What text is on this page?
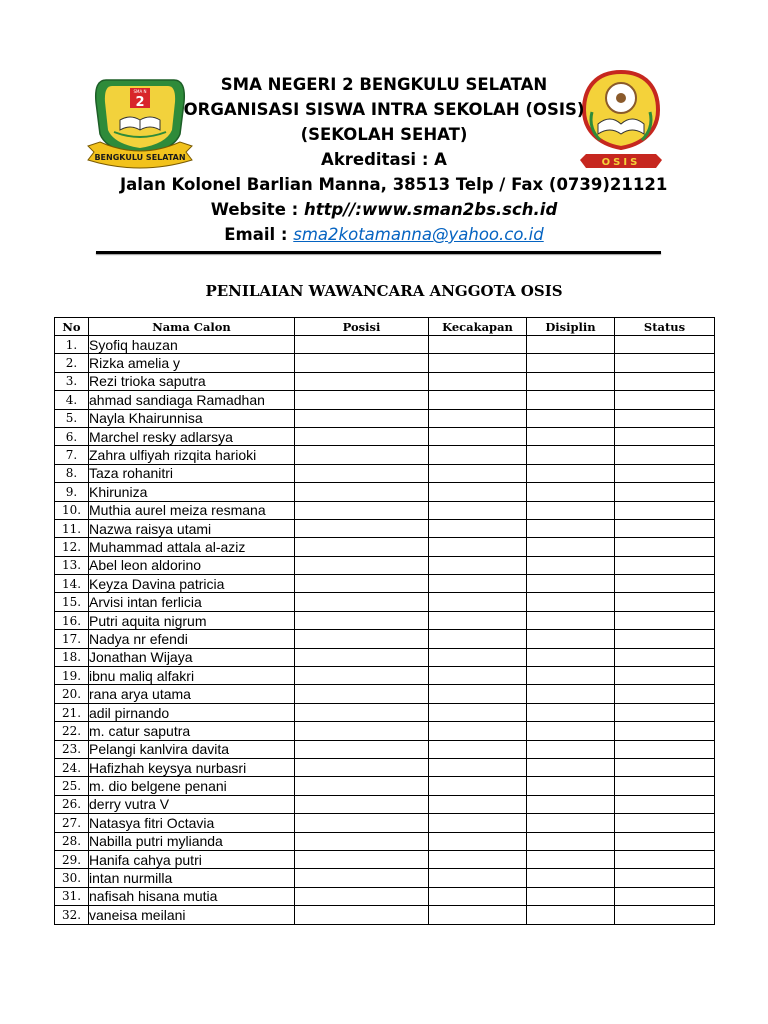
SMA N
2
BENGKULU SELATAN	OSIS
SMA NEGERI 2 BENGKULU SELATAN
ORGANISASI SISWA INTRA SEKOLAH (OSIS)
(SEKOLAH SEHAT)
Akreditasi : A
Jalan Kolonel Barlian Manna, 38513 Telp / Fax (0739)21121
Website : http//:www.sman2bs.sch.id
Email : sma2kotamanna@yahoo.co.id
PENILAIAN WAWANCARA ANGGOTA OSIS
No	Nama Calon	Posisi	Kecakapan	Disiplin	Status
1.	Syofiq hauzan				
2.	Rizka amelia y				
3.	Rezi trioka saputra				
4.	ahmad sandiaga Ramadhan				
5.	Nayla Khairunnisa				
6.	Marchel resky adlarsya				
7.	Zahra ulfiyah rizqita harioki				
8.	Taza rohanitri				
9.	Khiruniza				
10.	Muthia aurel meiza resmana				
11.	Nazwa raisya utami				
12.	Muhammad attala al-aziz				
13.	Abel leon aldorino				
14.	Keyza Davina patricia				
15.	Arvisi intan ferlicia				
16.	Putri aquita nigrum				
17.	Nadya nr efendi				
18.	Jonathan Wijaya				
19.	ibnu maliq alfakri				
20.	rana arya utama				
21.	adil pirnando				
22.	m. catur saputra				
23.	Pelangi kanlvira davita				
24.	Hafizhah keysya nurbasri				
25.	m. dio belgene penani				
26.	derry vutra V				
27.	Natasya fitri Octavia				
28.	Nabilla putri mylianda				
29.	Hanifa cahya putri				
30.	intan nurmilla				
31.	nafisah hisana mutia				
32.	vaneisa meilani				
